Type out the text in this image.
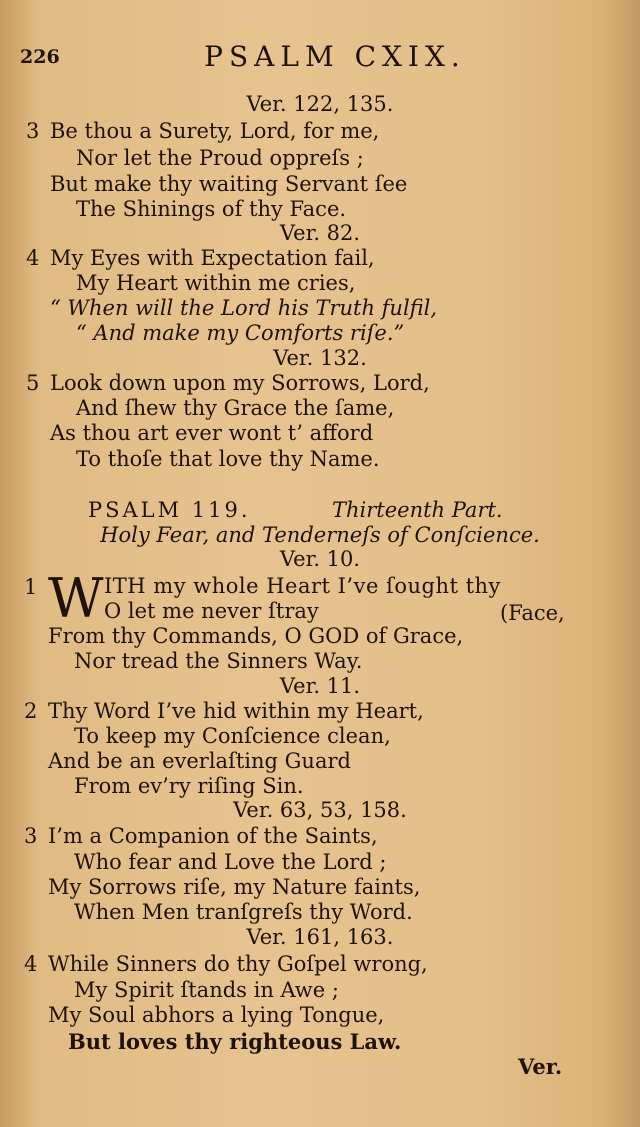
226	PSALM CXIX.
Ver. 122, 135.
3 Be thou a Surety, Lord, for me,
Nor let the Proud oppreſs ;
But make thy waiting Servant ſee
The Shinings of thy Face.
Ver. 82.
4 My Eyes with Expectation fail,
My Heart within me cries,
“ When will the Lord his Truth fulfil,
“ And make my Comforts riſe.”
Ver. 132.
5 Look down upon my Sorrows, Lord,
And ſhew thy Grace the ſame,
As thou art ever wont t’ afford
To thoſe that love thy Name.
PSALM 119.	Thirteenth Part.
Holy Fear, and Tenderneſs of Conſcience.
Ver. 10.
1 W ITH my whole Heart I’ve ſought thy
O let me never ſtray	(Face,
From thy Commands, O GOD of Grace,
Nor tread the Sinners Way.
Ver. 11.
2 Thy Word I’ve hid within my Heart,
To keep my Conſcience clean,
And be an everlaſting Guard
From ev’ry riſing Sin.
Ver. 63, 53, 158.
3 I’m a Companion of the Saints,
Who fear and Love the Lord ;
My Sorrows riſe, my Nature faints,
When Men tranſgreſs thy Word.
Ver. 161, 163.
4 While Sinners do thy Goſpel wrong,
My Spirit ſtands in Awe ;
My Soul abhors a lying Tongue,
But loves thy righteous Law.
Ver.
